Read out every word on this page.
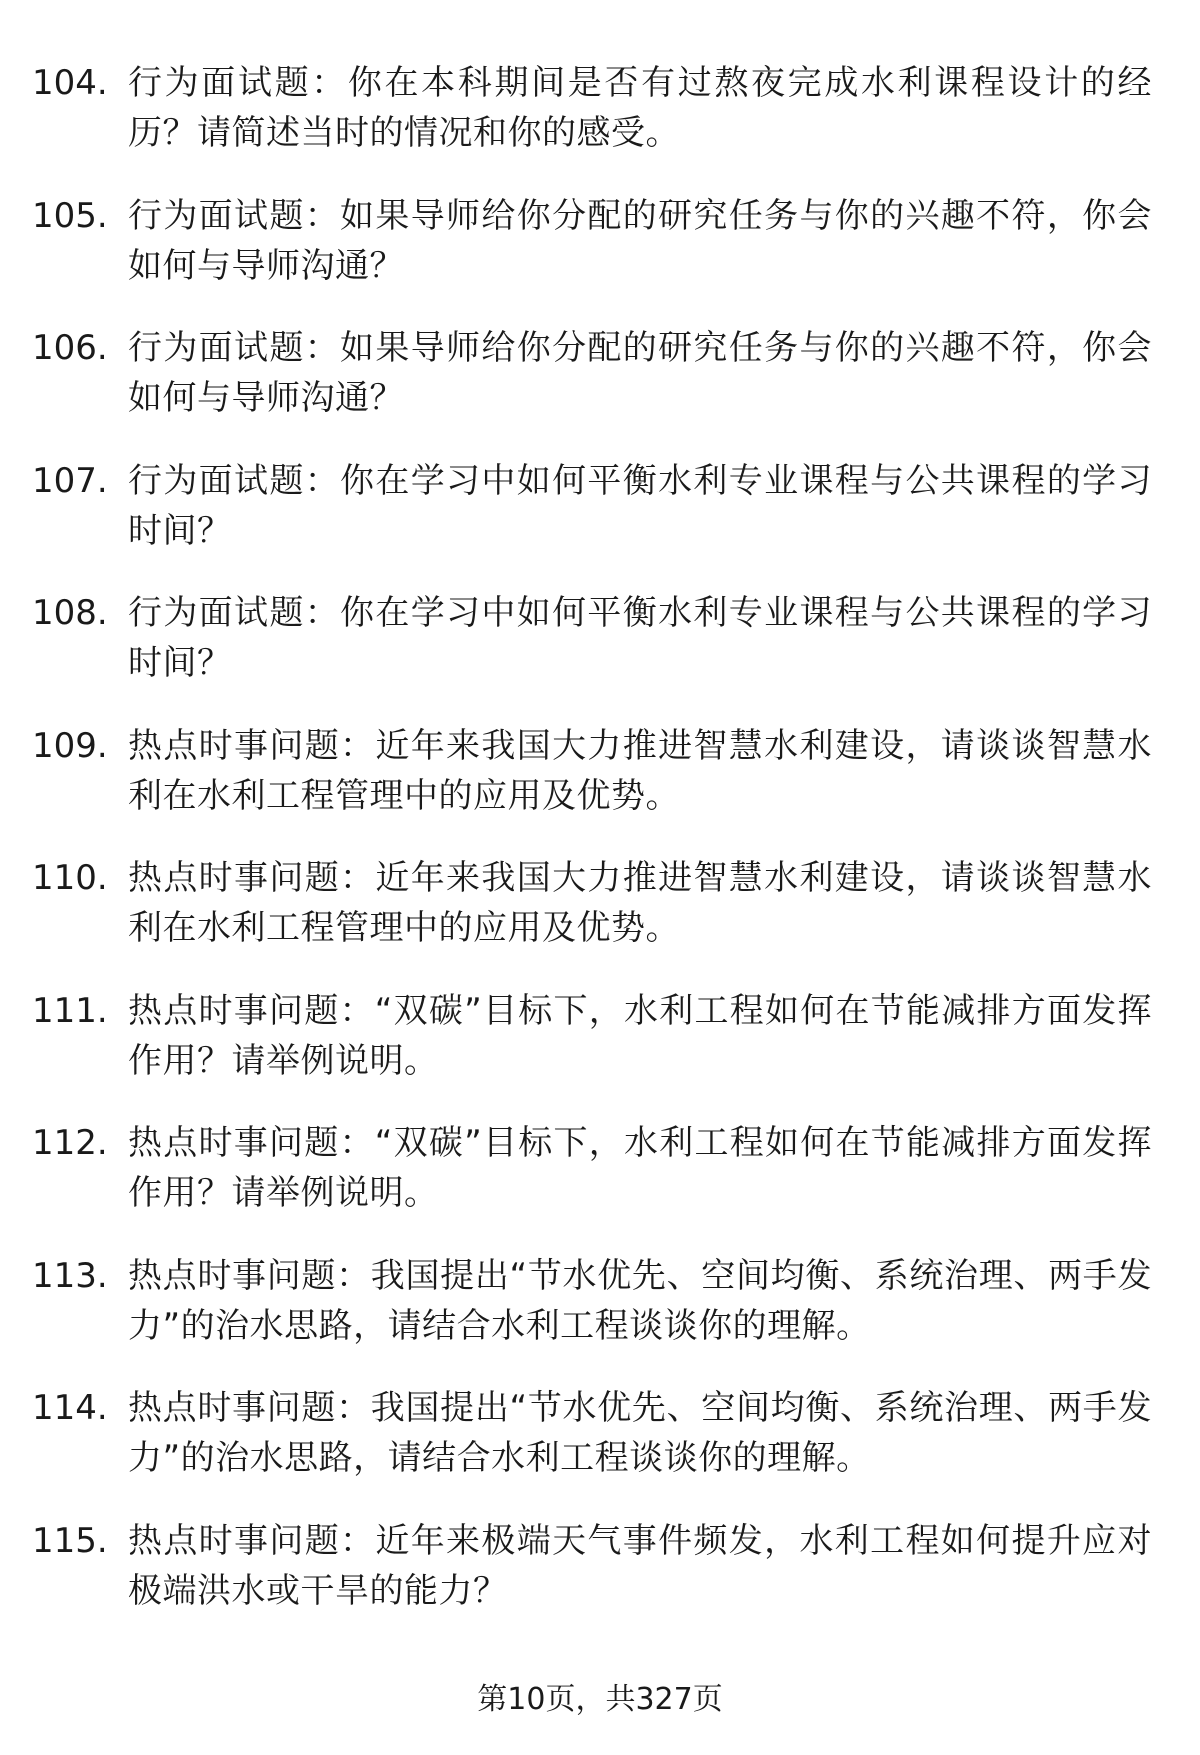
104. 行为面试题：你在本科期间是否有过熬夜完成水利课程设计的经历？请简述当时的情况和你的感受。
105. 行为面试题：如果导师给你分配的研究任务与你的兴趣不符，你会如何与导师沟通？
106. 行为面试题：如果导师给你分配的研究任务与你的兴趣不符，你会如何与导师沟通？
107. 行为面试题：你在学习中如何平衡水利专业课程与公共课程的学习时间？
108. 行为面试题：你在学习中如何平衡水利专业课程与公共课程的学习时间？
109. 热点时事问题：近年来我国大力推进智慧水利建设，请谈谈智慧水利在水利工程管理中的应用及优势。
110. 热点时事问题：近年来我国大力推进智慧水利建设，请谈谈智慧水利在水利工程管理中的应用及优势。
111. 热点时事问题：“双碳”目标下，水利工程如何在节能减排方面发挥作用？请举例说明。
112. 热点时事问题：“双碳”目标下，水利工程如何在节能减排方面发挥作用？请举例说明。
113. 热点时事问题：我国提出“节水优先、空间均衡、系统治理、两手发力”的治水思路，请结合水利工程谈谈你的理解。
114. 热点时事问题：我国提出“节水优先、空间均衡、系统治理、两手发力”的治水思路，请结合水利工程谈谈你的理解。
115. 热点时事问题：近年来极端天气事件频发，水利工程如何提升应对极端洪水或干旱的能力？
第10页，共327页
